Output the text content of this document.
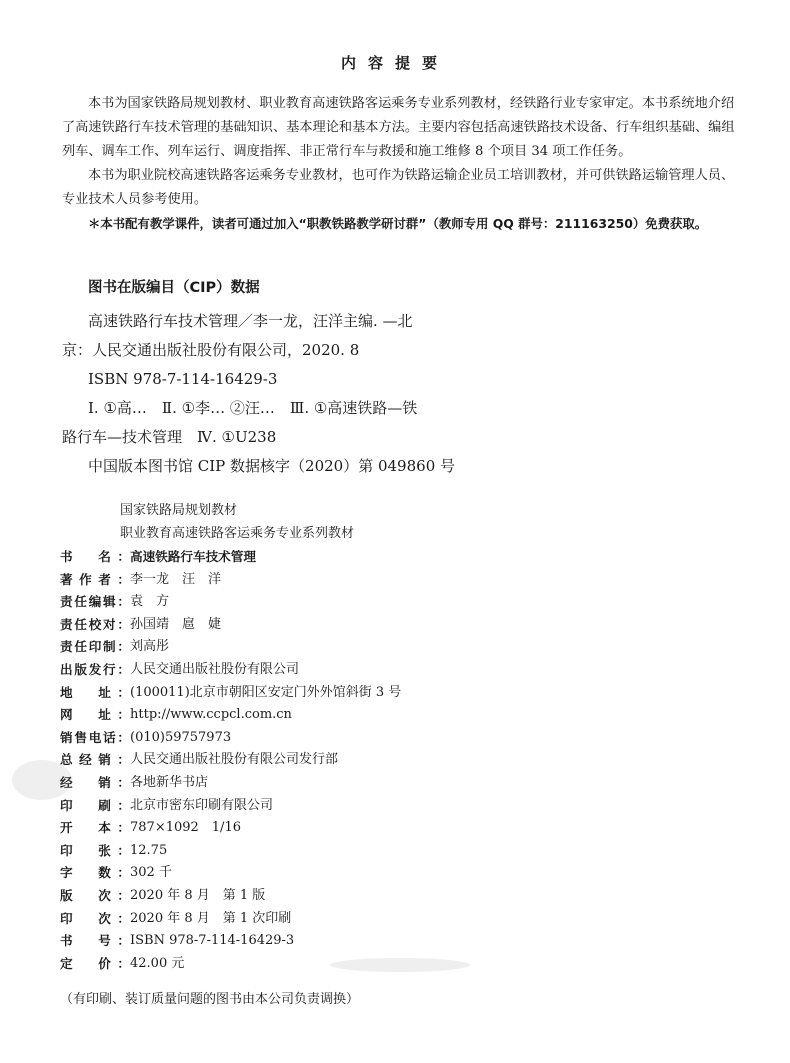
内容提要

本书为国家铁路局规划教材、职业教育高速铁路客运乘务专业系列教材，经铁路行业专家审定。本书系统地介绍了高速铁路行车技术管理的基础知识、基本理论和基本方法。主要内容包括高速铁路技术设备、行车组织基础、编组列车、调车工作、列车运行、调度指挥、非正常行车与救援和施工维修 8 个项目 34 项工作任务。

本书为职业院校高速铁路客运乘务专业教材，也可作为铁路运输企业员工培训教材，并可供铁路运输管理人员、专业技术人员参考使用。

＊本书配有教学课件，读者可通过加入“职教铁路教学研讨群”（教师专用 QQ 群号：211163250）免费获取。

图书在版编目（CIP）数据
高速铁路行车技术管理／李一龙，汪洋主编. —北
京：人民交通出版社股份有限公司，2020. 8
ISBN 978-7-114-16429-3
Ⅰ. ①高…　Ⅱ. ①李… ②汪…　Ⅲ. ①高速铁路—铁
路行车—技术管理　Ⅳ. ①U238
中国版本图书馆 CIP 数据核字（2020）第 049860 号
国家铁路局规划教材
职业教育高速铁路客运乘务专业系列教材
书　名： 高速铁路行车技术管理
著作者： 李一龙　汪　洋
责任编辑： 袁　方
责任校对： 孙国靖　扈　婕
责任印制： 刘高彤
出版发行： 人民交通出版社股份有限公司
地　址： (100011)北京市朝阳区安定门外外馆斜街 3 号
网　址： http://www.ccpcl.com.cn
销售电话： (010)59757973
总经销： 人民交通出版社股份有限公司发行部
经　销： 各地新华书店
印　刷： 北京市密东印刷有限公司
开　本： 787×1092　1/16
印　张： 12.75
字　数： 302 千
版　次： 2020 年 8 月　第 1 版
印　次： 2020 年 8 月　第 1 次印刷
书　号： ISBN 978-7-114-16429-3
定　价： 42.00 元
（有印刷、装订质量问题的图书由本公司负责调换）
